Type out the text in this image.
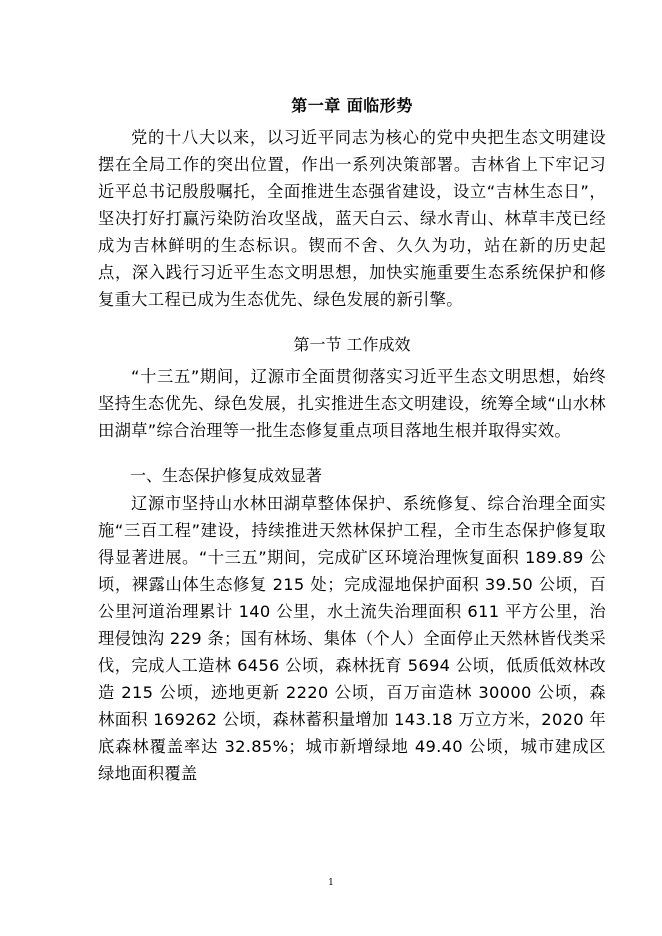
第一章 面临形势

党的十八大以来，以习近平同志为核心的党中央把生态文明建设摆在全局工作的突出位置，作出一系列决策部署。吉林省上下牢记习近平总书记殷殷嘱托，全面推进生态强省建设，设立“吉林生态日”，坚决打好打赢污染防治攻坚战，蓝天白云、绿水青山、林草丰茂已经成为吉林鲜明的生态标识。锲而不舍、久久为功，站在新的历史起点，深入践行习近平生态文明思想，加快实施重要生态系统保护和修复重大工程已成为生态优先、绿色发展的新引擎。

第一节 工作成效

“十三五”期间，辽源市全面贯彻落实习近平生态文明思想，始终坚持生态优先、绿色发展，扎实推进生态文明建设，统筹全域“山水林田湖草”综合治理等一批生态修复重点项目落地生根并取得实效。

一、生态保护修复成效显著

辽源市坚持山水林田湖草整体保护、系统修复、综合治理全面实施“三百工程”建设，持续推进天然林保护工程，全市生态保护修复取得显著进展。“十三五”期间，完成矿区环境治理恢复面积 189.89 公顷，裸露山体生态修复 215 处；完成湿地保护面积 39.50 公顷，百公里河道治理累计 140 公里，水土流失治理面积 611 平方公里，治理侵蚀沟 229 条；国有林场、集体（个人）全面停止天然林皆伐类采伐，完成人工造林 6456 公顷，森林抚育 5694 公顷，低质低效林改造 215 公顷，迹地更新 2220 公顷，百万亩造林 30000 公顷，森林面积 169262 公顷，森林蓄积量增加 143.18 万立方米，2020 年底森林覆盖率达 32.85%；城市新增绿地 49.40 公顷，城市建成区绿地面积覆盖

1
